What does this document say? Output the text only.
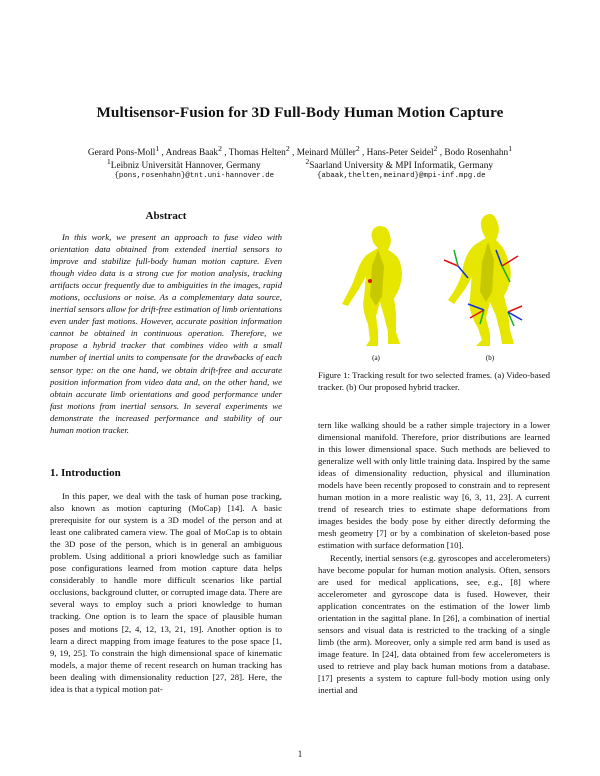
Multisensor-Fusion for 3D Full-Body Human Motion Capture
Gerard Pons-Moll$^1$ , Andreas Baak$^2$ , Thomas Helten$^2$ , Meinard Müller$^2$ , Hans-Peter Seidel$^2$ , Bodo Rosenhahn$^1$
$^1$Leibniz Universität Hannover, Germany	$^2$Saarland University & MPI Informatik, Germany
{pons,rosenhahn}@tnt.uni-hannover.de	{abaak,thelten,meinard}@mpi-inf.mpg.de
Abstract

In this work, we present an approach to fuse video with orientation data obtained from extended inertial sensors to improve and stabilize full-body human motion capture. Even though video data is a strong cue for motion analysis, tracking artifacts occur frequently due to ambiguities in the images, rapid motions, occlusions or noise. As a complementary data source, inertial sensors allow for drift-free estimation of limb orientations even under fast motions. However, accurate position information cannot be obtained in continuous operation. Therefore, we propose a hybrid tracker that combines video with a small number of inertial units to compensate for the drawbacks of each sensor type: on the one hand, we obtain drift-free and accurate position information from video data and, on the other hand, we obtain accurate limb orientations and good performance under fast motions from inertial sensors. In several experiments we demonstrate the increased performance and stability of our human motion tracker.

1. Introduction

In this paper, we deal with the task of human pose tracking, also known as motion capturing (MoCap) [14]. A basic prerequisite for our system is a 3D model of the person and at least one calibrated camera view. The goal of MoCap is to obtain the 3D pose of the person, which is in general an ambiguous problem. Using additional a priori knowledge such as familiar pose configurations learned from motion capture data helps considerably to handle more difficult scenarios like partial occlusions, background clutter, or corrupted image data. There are several ways to employ such a priori knowledge to human tracking. One option is to learn the space of plausible human poses and motions [2, 4, 12, 13, 21, 19]. Another option is to learn a direct mapping from image features to the pose space [1, 9, 19, 25]. To constrain the high dimensional space of kinematic models, a major theme of recent research on human tracking has been dealing with dimensionality reduction [27, 28]. Here, the idea is that a typical motion pat-

(a)	(b)

Figure 1: Tracking result for two selected frames. (a) Video-based tracker. (b) Our proposed hybrid tracker.

tern like walking should be a rather simple trajectory in a lower dimensional manifold. Therefore, prior distributions are learned in this lower dimensional space. Such methods are believed to generalize well with only little training data. Inspired by the same ideas of dimensionality reduction, physical and illumination models have been recently proposed to constrain and to represent human motion in a more realistic way [6, 3, 11, 23]. A current trend of research tries to estimate shape deformations from images besides the body pose by either directly deforming the mesh geometry [7] or by a combination of skeleton-based pose estimation with surface deformation [10].
Recently, inertial sensors (e.g. gyroscopes and accelerometers) have become popular for human motion analysis. Often, sensors are used for medical applications, see, e.g., [8] where accelerometer and gyroscope data is fused. However, their application concentrates on the estimation of the lower limb orientation in the sagittal plane. In [26], a combination of inertial sensors and visual data is restricted to the tracking of a single limb (the arm). Moreover, only a simple red arm band is used as image feature. In [24], data obtained from few accelerometers is used to retrieve and play back human motions from a database. [17] presents a system to capture full-body motion using only inertial and
1
